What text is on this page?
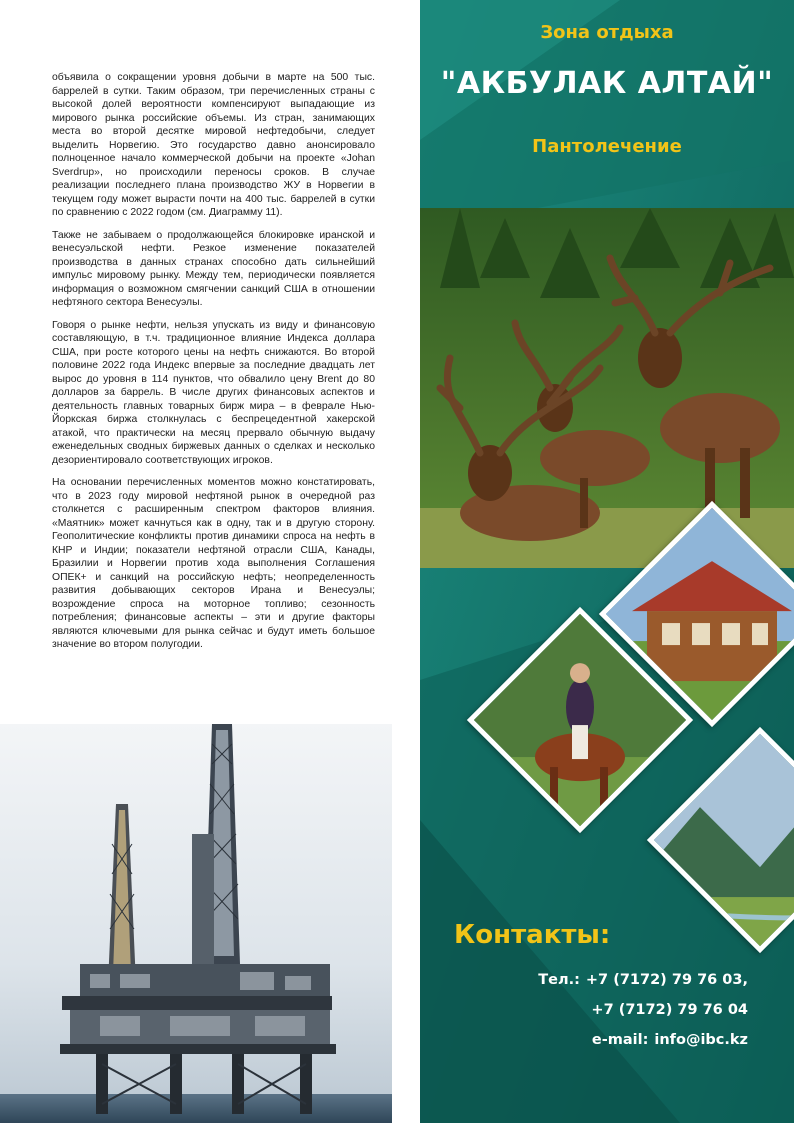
объявила о сокращении уровня добычи в марте на 500 тыс. баррелей в сутки. Таким образом, три перечисленных страны с высокой долей вероятности компенсируют выпадающие из мирового рынка российские объемы. Из стран, занимающих места во второй десятке мировой нефтедобычи, следует выделить Норвегию. Это государство давно анонсировало полноценное начало коммерческой добычи на проекте «Johan Sverdrup», но происходили переносы сроков. В случае реализации последнего плана производство ЖУ в Норвегии в текущем году может вырасти почти на 400 тыс. баррелей в сутки по сравнению с 2022 годом (см. Диаграмму 11).

Также не забываем о продолжающейся блокировке иранской и венесуэльской нефти. Резкое изменение показателей производства в данных странах способно дать сильнейший импульс мировому рынку. Между тем, периодически появляется информация о возможном смягчении санкций США в отношении нефтяного сектора Венесуэлы.

Говоря о рынке нефти, нельзя упускать из виду и финансовую составляющую, в т.ч. традиционное влияние Индекса доллара США, при росте которого цены на нефть снижаются. Во второй половине 2022 года Индекс впервые за последние двадцать лет вырос до уровня в 114 пунктов, что обвалило цену Brent до 80 долларов за баррель. В числе других финансовых аспектов и деятельность главных товарных бирж мира – в феврале Нью-Йоркская биржа столкнулась с беспрецедентной хакерской атакой, что практически на месяц прервало обычную выдачу еженедельных сводных биржевых данных о сделках и несколько дезориентировало соответствующих игроков.

На основании перечисленных моментов можно констатировать, что в 2023 году мировой нефтяной рынок в очередной раз столкнется с расширенным спектром факторов влияния. «Маятник» может качнуться как в одну, так и в другую сторону. Геополитические конфликты против динамики спроса на нефть в КНР и Индии; показатели нефтяной отрасли США, Канады, Бразилии и Норвегии против хода выполнения Соглашения ОПЕК+ и санкций на российскую нефть; неопределенность развития добывающих секторов Ирана и Венесуэлы; возрождение спроса на моторное топливо; сезонность потребления; финансовые аспекты – эти и другие факторы являются ключевыми для рынка сейчас и будут иметь большое значение во втором полугодии.

Зона отдыха
"АКБУЛАК АЛТАЙ"
Пантолечение
Контакты:
Тел.: +7 (7172) 79 76 03,
+7 (7172) 79 76 04
e-mail: info@ibc.kz
